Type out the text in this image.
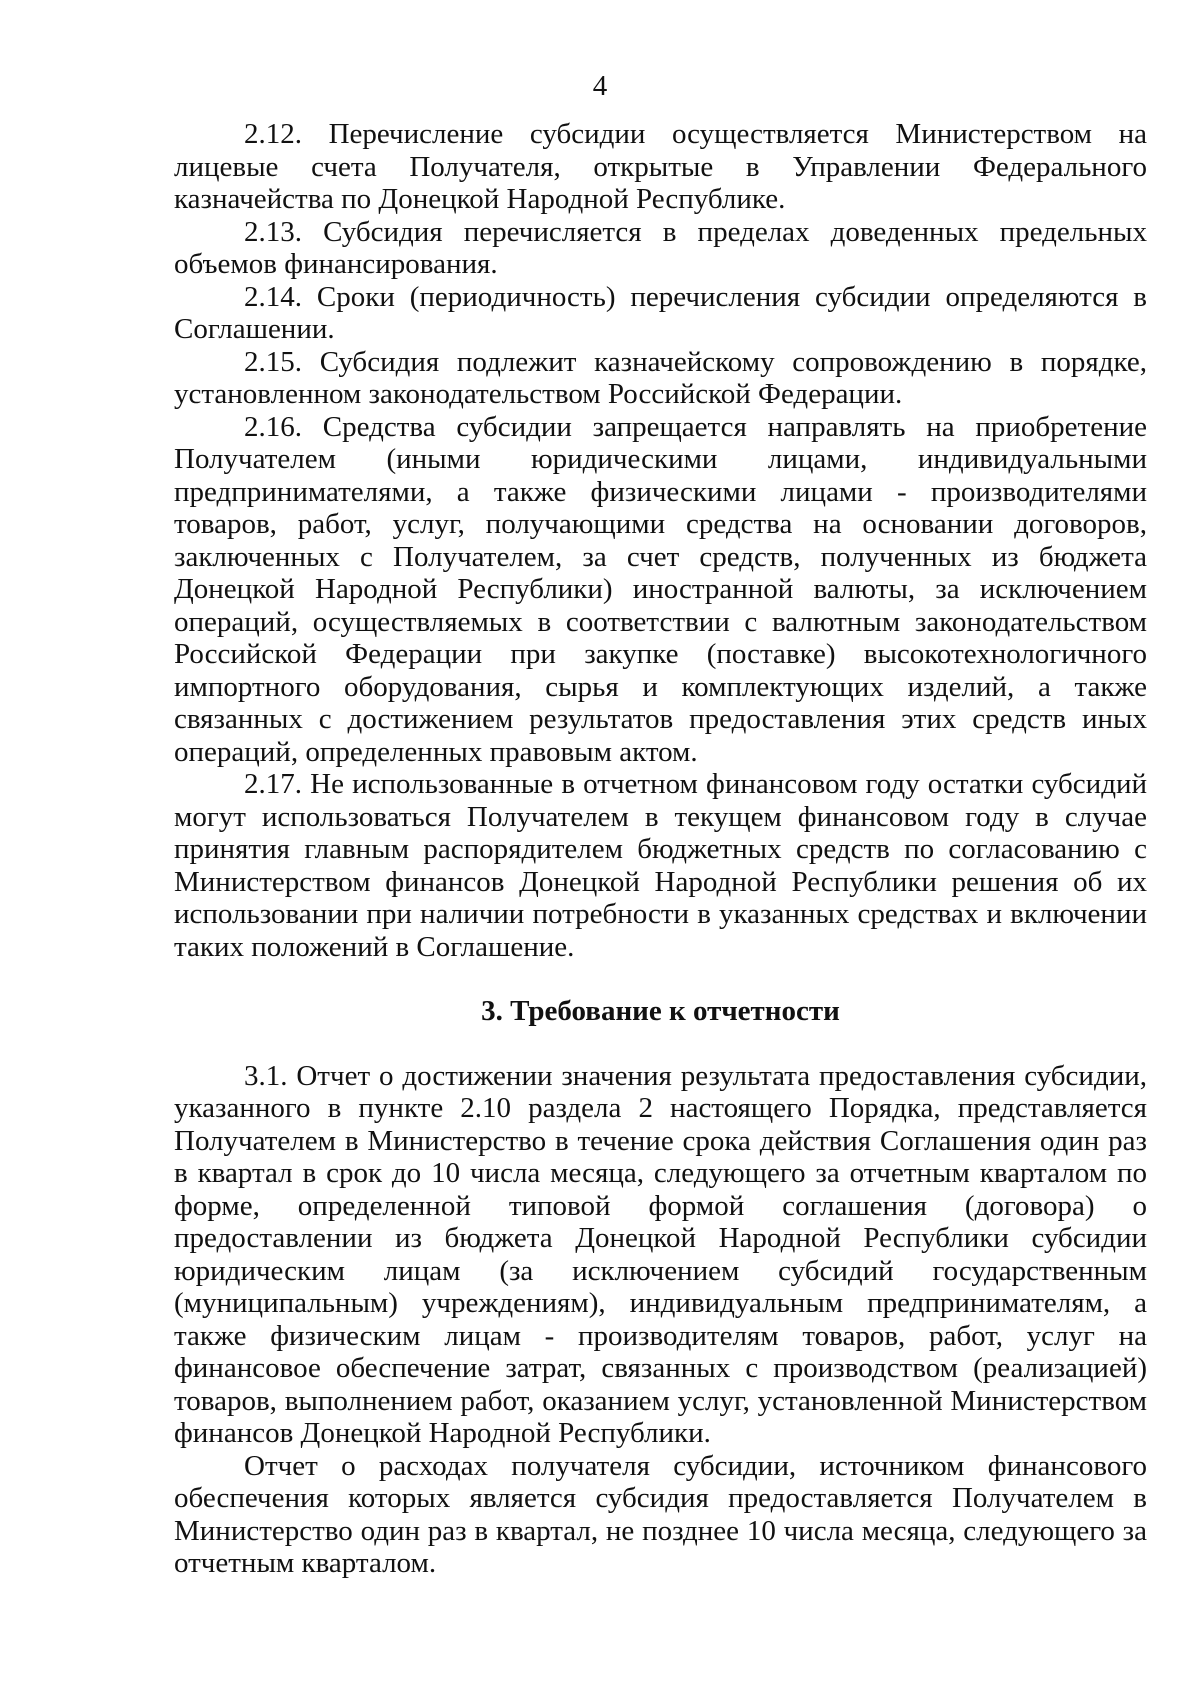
4

2.12. Перечисление субсидии осуществляется Министерством на лицевые счета Получателя, открытые в Управлении Федерального казначейства по Донецкой Народной Республике.

2.13. Субсидия перечисляется в пределах доведенных предельных объемов финансирования.

2.14. Сроки (периодичность) перечисления субсидии определяются в Соглашении.

2.15. Субсидия подлежит казначейскому сопровождению в порядке, установленном законодательством Российской Федерации.

2.16. Средства субсидии запрещается направлять на приобретение Получателем (иными юридическими лицами, индивидуальными предпринимателями, а также физическими лицами - производителями товаров, работ, услуг, получающими средства на основании договоров, заключенных с Получателем, за счет средств, полученных из бюджета Донецкой Народной Республики) иностранной валюты, за исключением операций, осуществляемых в соответствии с валютным законодательством Российской Федерации при закупке (поставке) высокотехнологичного импортного оборудования, сырья и комплектующих изделий, а также связанных с достижением результатов предоставления этих средств иных операций, определенных правовым актом.

2.17. Не использованные в отчетном финансовом году остатки субсидий могут использоваться Получателем в текущем финансовом году в случае принятия главным распорядителем бюджетных средств по согласованию с Министерством финансов Донецкой Народной Республики решения об их использовании при наличии потребности в указанных средствах и включении таких положений в Соглашение.

3. Требование к отчетности

3.1. Отчет о достижении значения результата предоставления субсидии, указанного в пункте 2.10 раздела 2 настоящего Порядка, представляется Получателем в Министерство в течение срока действия Соглашения один раз в квартал в срок до 10 числа месяца, следующего за отчетным кварталом по форме, определенной типовой формой соглашения (договора) о предоставлении из бюджета Донецкой Народной Республики субсидии юридическим лицам (за исключением субсидий государственным (муниципальным) учреждениям), индивидуальным предпринимателям, а также физическим лицам - производителям товаров, работ, услуг на финансовое обеспечение затрат, связанных с производством (реализацией) товаров, выполнением работ, оказанием услуг, установленной Министерством финансов Донецкой Народной Республики.

Отчет о расходах получателя субсидии, источником финансового обеспечения которых является субсидия предоставляется Получателем в Министерство один раз в квартал, не позднее 10 числа месяца, следующего за отчетным кварталом.
